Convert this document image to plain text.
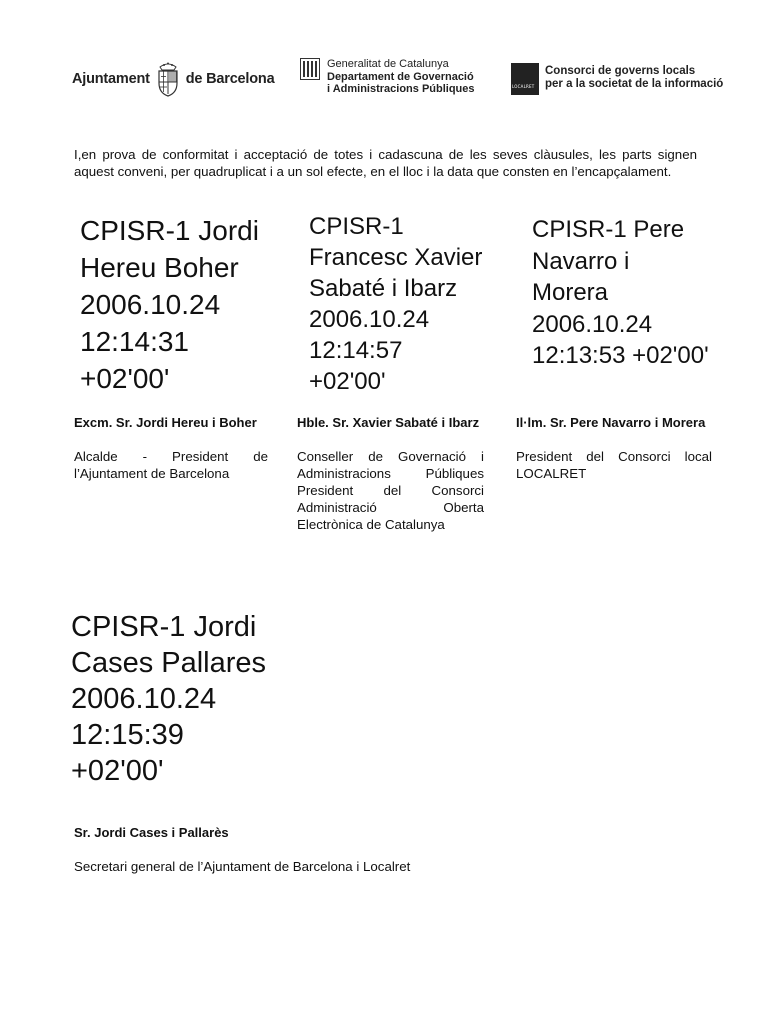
Ajuntament de Barcelona
Generalitat de Catalunya
Departament de Governació
i Administracions Públiques	LOCALRET
Consorci de governs locals
per a la societat de la informació
I,en prova de conformitat i acceptació de totes i cadascuna de les seves clàusules, les parts signen aquest conveni, per quadruplicat i a un sol efecte, en el lloc i la data que consten en l’encapçalament.
CPISR-1 Jordi
Hereu Boher
2006.10.24
12:14:31
+02'00'
CPISR-1
Francesc Xavier
Sabaté i Ibarz
2006.10.24
12:14:57
+02'00'
CPISR-1 Pere
Navarro i
Morera
2006.10.24
12:13:53 +02'00'
Excm. Sr. Jordi Hereu i Boher
Alcalde - President de l’Ajuntament de Barcelona
Hble. Sr. Xavier Sabaté i Ibarz
Conseller de Governació i Administracions Públiques President del Consorci Administració Oberta Electrònica de Catalunya
Il·lm. Sr. Pere Navarro i Morera
President del Consorci local LOCALRET
CPISR-1 Jordi
Cases Pallares
2006.10.24
12:15:39
+02'00'
Sr. Jordi Cases i Pallarès
Secretari general de l’Ajuntament de Barcelona i Localret
